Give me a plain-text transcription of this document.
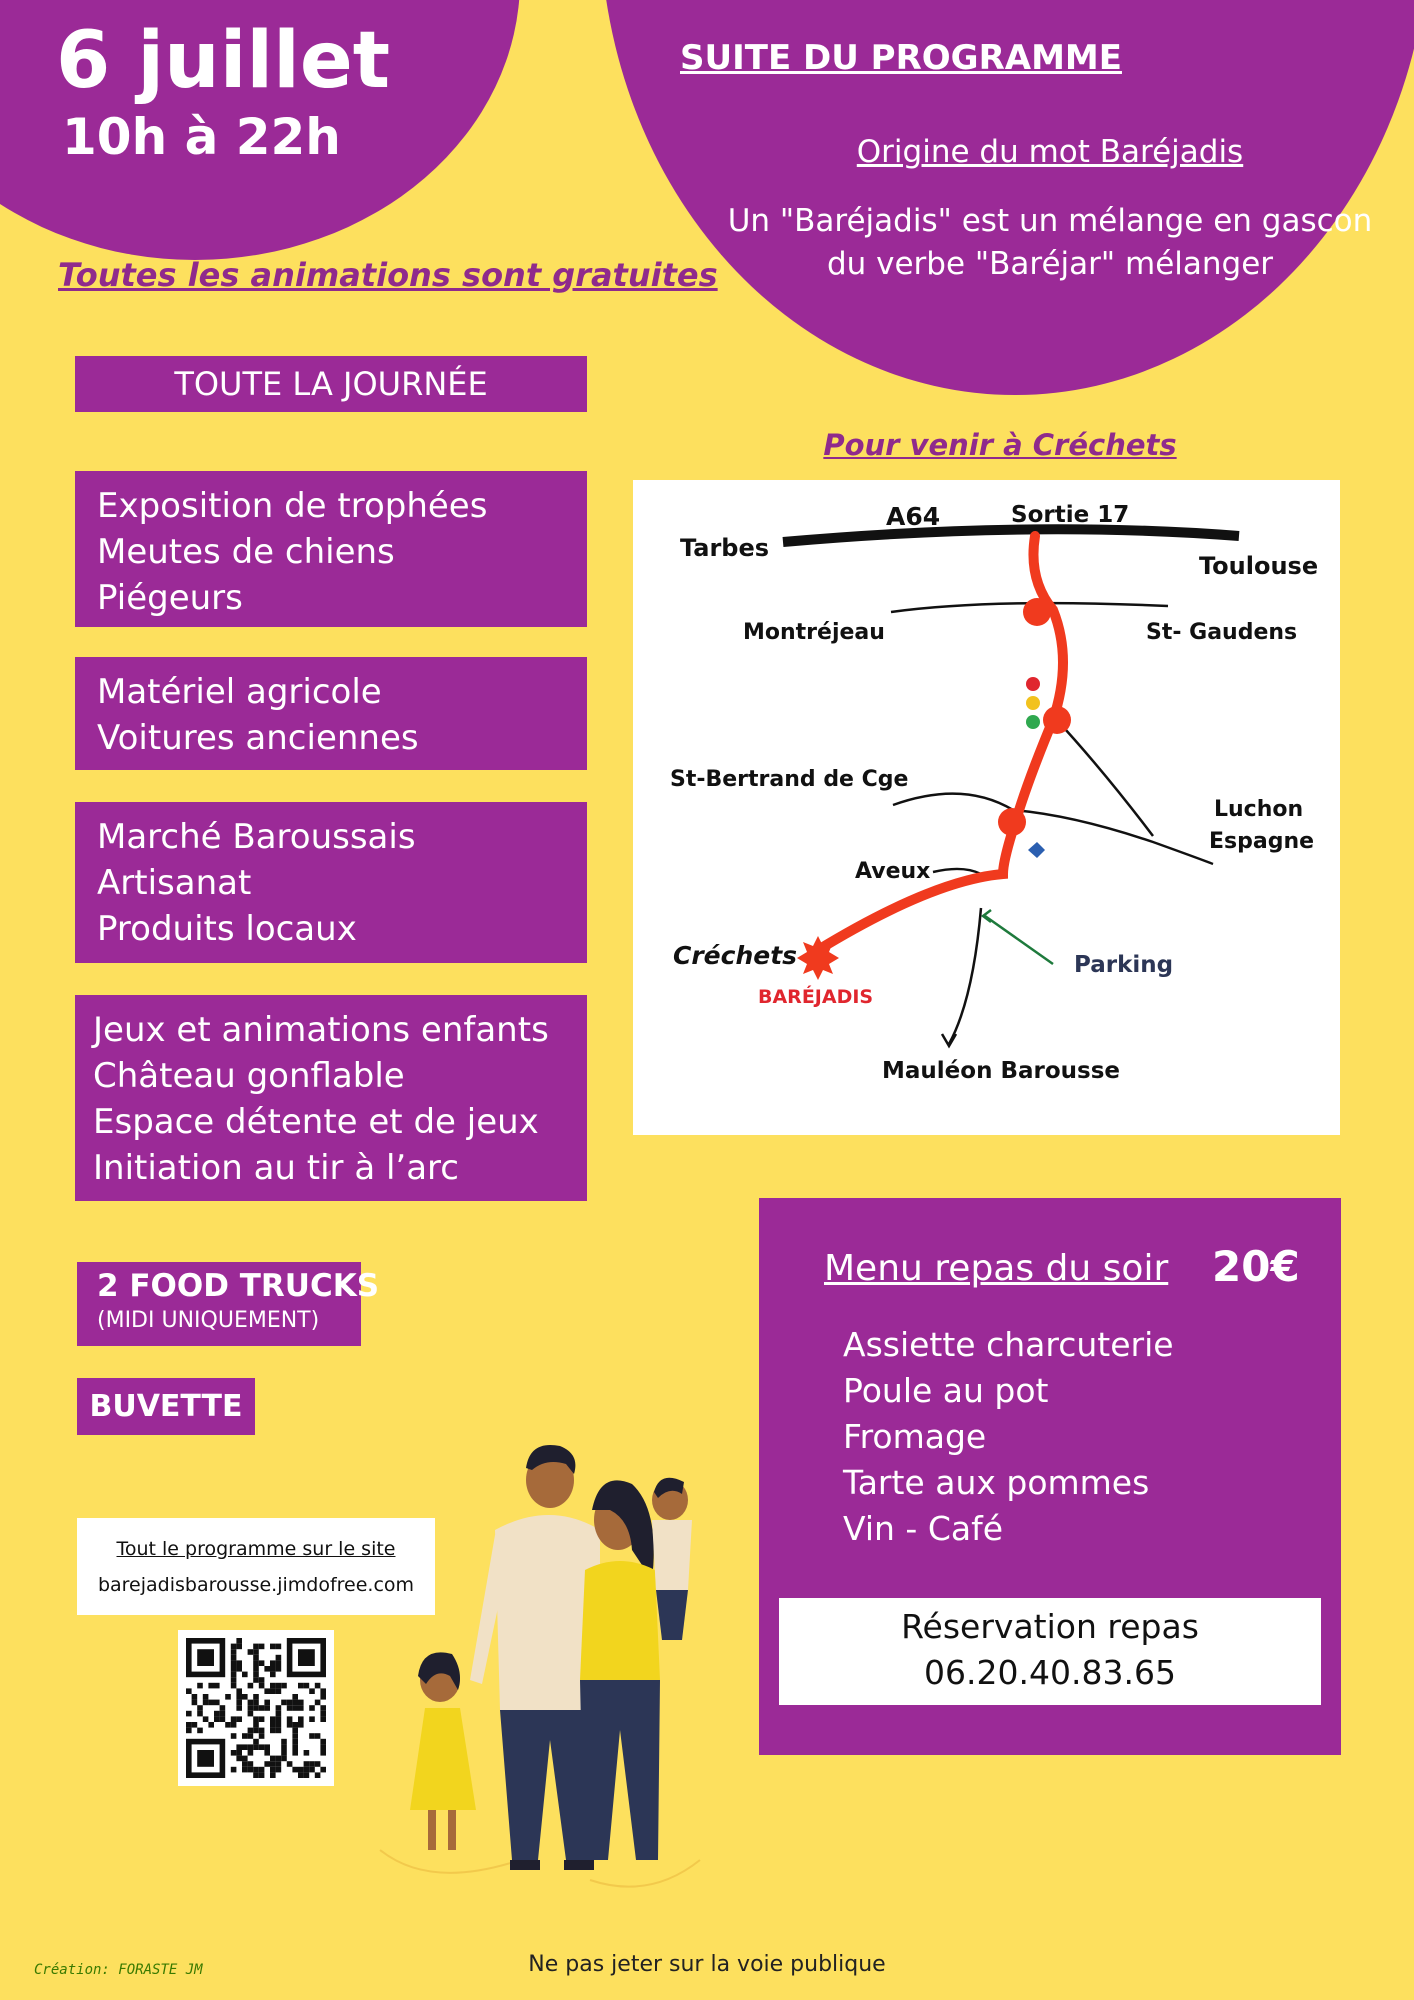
6 juillet
10h à 22h
Toutes les animations sont gratuites
SUITE DU PROGRAMME
Origine du mot Baréjadis
Un "Baréjadis" est un mélange en gascon
du verbe "Baréjar" mélanger
TOUTE LA JOURNÉE
Exposition de trophées
Meutes de chiens
Piégeurs
Matériel agricole
Voitures anciennes
Marché Baroussais
Artisanat
Produits locaux
Jeux et animations enfants
Château gonflable
Espace détente et de jeux
Initiation au tir à l’arc
2 FOOD TRUCKS
(MIDI UNIQUEMENT)
BUVETTE
Tout le programme sur le site
barejadisbarousse.jimdofree.com
Pour venir à Créchets
A64	Sortie 17
Tarbes
Toulouse
Montréjeau	St- Gaudens
St-Bertrand de Cge
Luchon
Espagne
Aveux
Créchets
BARÉJADIS
Parking
Mauléon Barousse
Menu repas du soir 20€
Assiette charcuterie
Poule au pot
Fromage
Tarte aux pommes
Vin - Café
Réservation repas
06.20.40.83.65
Création: FORASTE JM	Ne pas jeter sur la voie publique
